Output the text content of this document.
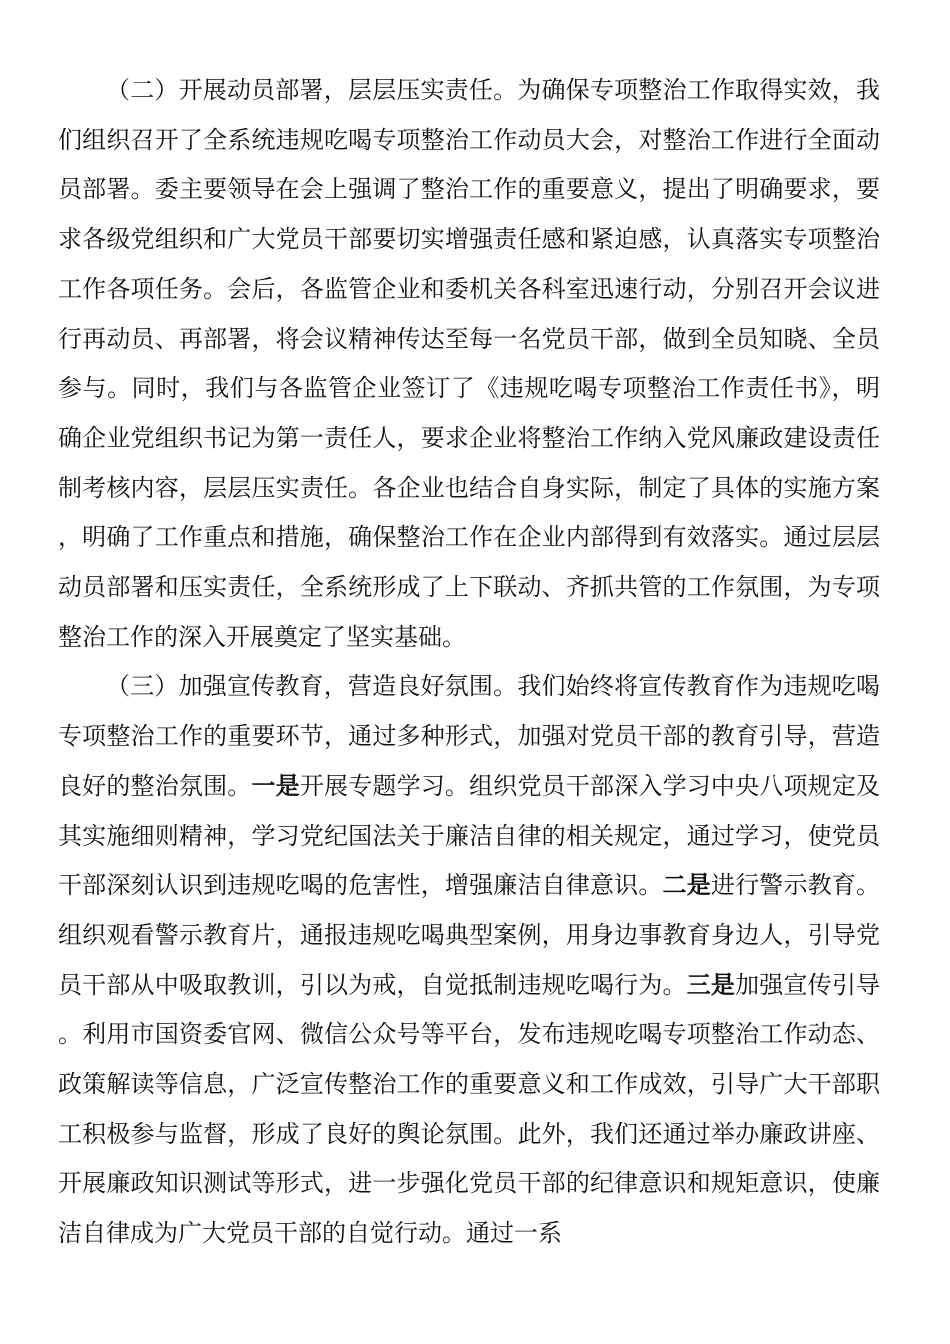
（二）开展动员部署，层层压实责任。为确保专项整治工作取得实效，我们组织召开了全系统违规吃喝专项整治工作动员大会，对整治工作进行全面动员部署。委主要领导在会上强调了整治工作的重要意义，提出了明确要求，要求各级党组织和广大党员干部要切实增强责任感和紧迫感，认真落实专项整治工作各项任务。会后，各监管企业和委机关各科室迅速行动，分别召开会议进行再动员、再部署，将会议精神传达至每一名党员干部，做到全员知晓、全员参与。同时，我们与各监管企业签订了《违规吃喝专项整治工作责任书》，明确企业党组织书记为第一责任人，要求企业将整治工作纳入党风廉政建设责任制考核内容，层层压实责任。各企业也结合自身实际，制定了具体的实施方案，明确了工作重点和措施，确保整治工作在企业内部得到有效落实。通过层层动员部署和压实责任，全系统形成了上下联动、齐抓共管的工作氛围，为专项整治工作的深入开展奠定了坚实基础。

（三）加强宣传教育，营造良好氛围。我们始终将宣传教育作为违规吃喝专项整治工作的重要环节，通过多种形式，加强对党员干部的教育引导，营造良好的整治氛围。一是开展专题学习。组织党员干部深入学习中央八项规定及其实施细则精神，学习党纪国法关于廉洁自律的相关规定，通过学习，使党员干部深刻认识到违规吃喝的危害性，增强廉洁自律意识。二是进行警示教育。组织观看警示教育片，通报违规吃喝典型案例，用身边事教育身边人，引导党员干部从中吸取教训，引以为戒，自觉抵制违规吃喝行为。三是加强宣传引导。利用市国资委官网、微信公众号等平台，发布违规吃喝专项整治工作动态、政策解读等信息，广泛宣传整治工作的重要意义和工作成效，引导广大干部职工积极参与监督，形成了良好的舆论氛围。此外，我们还通过举办廉政讲座、开展廉政知识测试等形式，进一步强化党员干部的纪律意识和规矩意识，使廉洁自律成为广大党员干部的自觉行动。通过一系
